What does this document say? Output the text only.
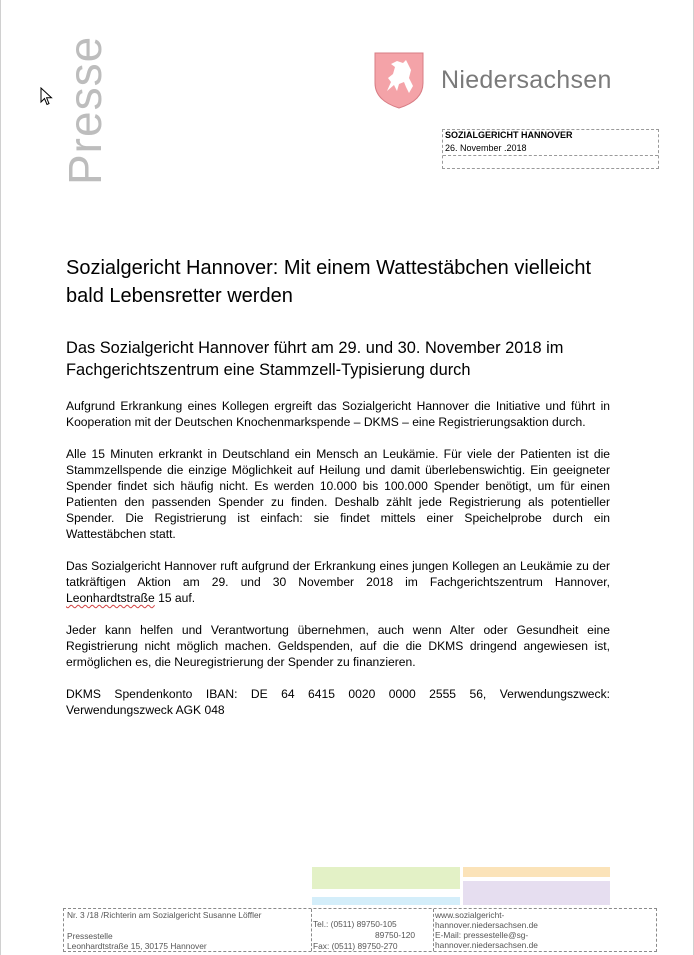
Presse	Niedersachsen
SOZIALGERICHT HANNOVER
26. November .2018
Sozialgericht Hannover: Mit einem Wattestäbchen vielleicht bald Lebensretter werden
Das Sozialgericht Hannover führt am 29. und 30. November 2018 im Fachgerichtszentrum eine Stammzell-Typisierung durch

Aufgrund Erkrankung eines Kollegen ergreift das Sozialgericht Hannover die Initiative und führt in Kooperation mit der Deutschen Knochenmarkspende – DKMS – eine Registrierungsaktion durch.

Alle 15 Minuten erkrankt in Deutschland ein Mensch an Leukämie. Für viele der Patienten ist die Stammzellspende die einzige Möglichkeit auf Heilung und damit überlebenswichtig. Ein geeigneter Spender findet sich häufig nicht. Es werden 10.000 bis 100.000 Spender benötigt, um für einen Patienten den passenden Spender zu finden. Deshalb zählt jede Registrierung als potentieller Spender. Die Registrierung ist einfach: sie findet mittels einer Speichelprobe durch ein Wattestäbchen statt.

Das Sozialgericht Hannover ruft aufgrund der Erkrankung eines jungen Kollegen an Leukämie zu der tatkräftigen Aktion am 29. und 30 November 2018 im Fachgerichtszentrum Hannover, Leonhardtstraße 15 auf.

Jeder kann helfen und Verantwortung übernehmen, auch wenn Alter oder Gesundheit eine Registrierung nicht möglich machen. Geldspenden, auf die die DKMS dringend angewiesen ist, ermöglichen es, die Neuregistrierung der Spender zu finanzieren.

DKMS Spendenkonto IBAN: DE 64 6415 0020 0000 2555 56, Verwendungszweck: Verwendungszweck AGK 048

Nr. 3 /18 /Richterin am Sozialgericht Susanne Löffler
Pressestelle
Leonhardtstraße 15, 30175 Hannover
Tel.: (0511) 89750-105
89750-120
Fax: (0511) 89750-270
www.sozialgericht-
hannover.niedersachsen.de
E-Mail: pressestelle@sg-
hannover.niedersachsen.de
